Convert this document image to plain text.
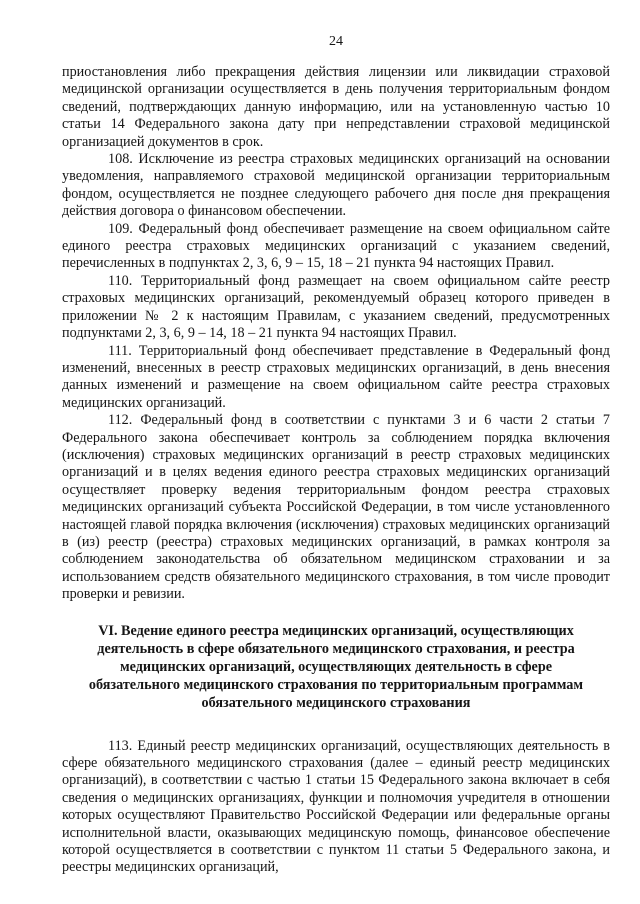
24

приостановления либо прекращения действия лицензии или ликвидации страховой медицинской организации осуществляется в день получения территориальным фондом сведений, подтверждающих данную информацию, или на установленную частью 10 статьи 14 Федерального закона дату при непредставлении страховой медицинской организацией документов в срок.

108. Исключение из реестра страховых медицинских организаций на основании уведомления, направляемого страховой медицинской организации территориальным фондом, осуществляется не позднее следующего рабочего дня после дня прекращения действия договора о финансовом обеспечении.

109. Федеральный фонд обеспечивает размещение на своем официальном сайте единого реестра страховых медицинских организаций с указанием сведений, перечисленных в подпунктах 2, 3, 6, 9 – 15, 18 – 21 пункта 94 настоящих Правил.

110. Территориальный фонд размещает на своем официальном сайте реестр страховых медицинских организаций, рекомендуемый образец которого приведен в приложении № 2 к настоящим Правилам, с указанием сведений, предусмотренных подпунктами 2, 3, 6, 9 – 14, 18 – 21 пункта 94 настоящих Правил.

111. Территориальный фонд обеспечивает представление в Федеральный фонд изменений, внесенных в реестр страховых медицинских организаций, в день внесения данных изменений и размещение на своем официальном сайте реестра страховых медицинских организаций.

112. Федеральный фонд в соответствии с пунктами 3 и 6 части 2 статьи 7 Федерального закона обеспечивает контроль за соблюдением порядка включения (исключения) страховых медицинских организаций в реестр страховых медицинских организаций и в целях ведения единого реестра страховых медицинских организаций осуществляет проверку ведения территориальным фондом реестра страховых медицинских организаций субъекта Российской Федерации, в том числе установленного настоящей главой порядка включения (исключения) страховых медицинских организаций в (из) реестр (реестра) страховых медицинских организаций, в рамках контроля за соблюдением законодательства об обязательном медицинском страховании и за использованием средств обязательного медицинского страхования, в том числе проводит проверки и ревизии.

VI. Ведение единого реестра медицинских организаций, осуществляющих
деятельность в сфере обязательного медицинского страхования, и реестра
медицинских организаций, осуществляющих деятельность в сфере
обязательного медицинского страхования по территориальным программам
обязательного медицинского страхования

113. Единый реестр медицинских организаций, осуществляющих деятельность в сфере обязательного медицинского страхования (далее – единый реестр медицинских организаций), в соответствии с частью 1 статьи 15 Федерального закона включает в себя сведения о медицинских организациях, функции и полномочия учредителя в отношении которых осуществляют Правительство Российской Федерации или федеральные органы исполнительной власти, оказывающих медицинскую помощь, финансовое обеспечение которой осуществляется в соответствии с пунктом 11 статьи 5 Федерального закона, и реестры медицинских организаций,
